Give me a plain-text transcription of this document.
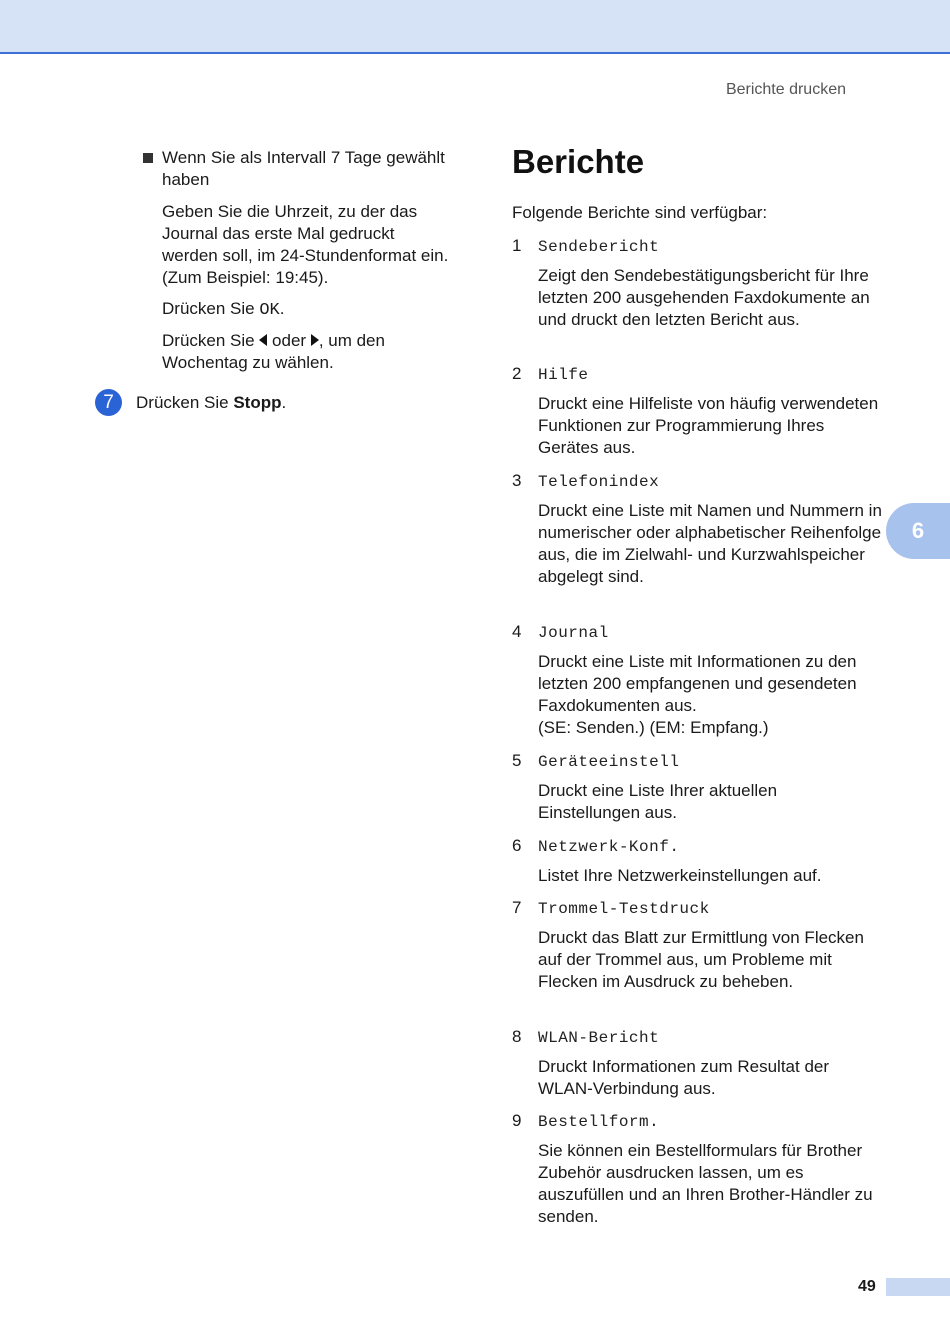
Berichte drucken
6
Wenn Sie als Intervall 7 Tage gewählt haben
Geben Sie die Uhrzeit, zu der das Journal das erste Mal gedruckt werden soll, im 24-Stundenformat ein. (Zum Beispiel: 19:45).
Drücken Sie OK.
Drücken Sie  oder , um den Wochentag zu wählen.
7	Drücken Sie Stopp.
Berichte
Folgende Berichte sind verfügbar:
1	Sendebericht
Zeigt den Sendebestätigungsbericht für Ihre letzten 200 ausgehenden Faxdokumente an und druckt den letzten Bericht aus.
2	Hilfe
Druckt eine Hilfeliste von häufig verwendeten Funktionen zur Programmierung Ihres Gerätes aus.
3	Telefonindex
Druckt eine Liste mit Namen und Nummern in numerischer oder alphabetischer Reihenfolge aus, die im Zielwahl- und Kurzwahlspeicher abgelegt sind.
4	Journal
Druckt eine Liste mit Informationen zu den letzten 200 empfangenen und gesendeten Faxdokumenten aus.
(SE: Senden.) (EM: Empfang.)
5	Geräteeinstell
Druckt eine Liste Ihrer aktuellen Einstellungen aus.
6	Netzwerk-Konf.
Listet Ihre Netzwerkeinstellungen auf.
7	Trommel-Testdruck
Druckt das Blatt zur Ermittlung von Flecken auf der Trommel aus, um Probleme mit Flecken im Ausdruck zu beheben.
8	WLAN-Bericht
Druckt Informationen zum Resultat der WLAN-Verbindung aus.
9	Bestellform.
Sie können ein Bestellformulars für Brother Zubehör ausdrucken lassen, um es auszufüllen und an Ihren Brother-Händler zu senden.
49
